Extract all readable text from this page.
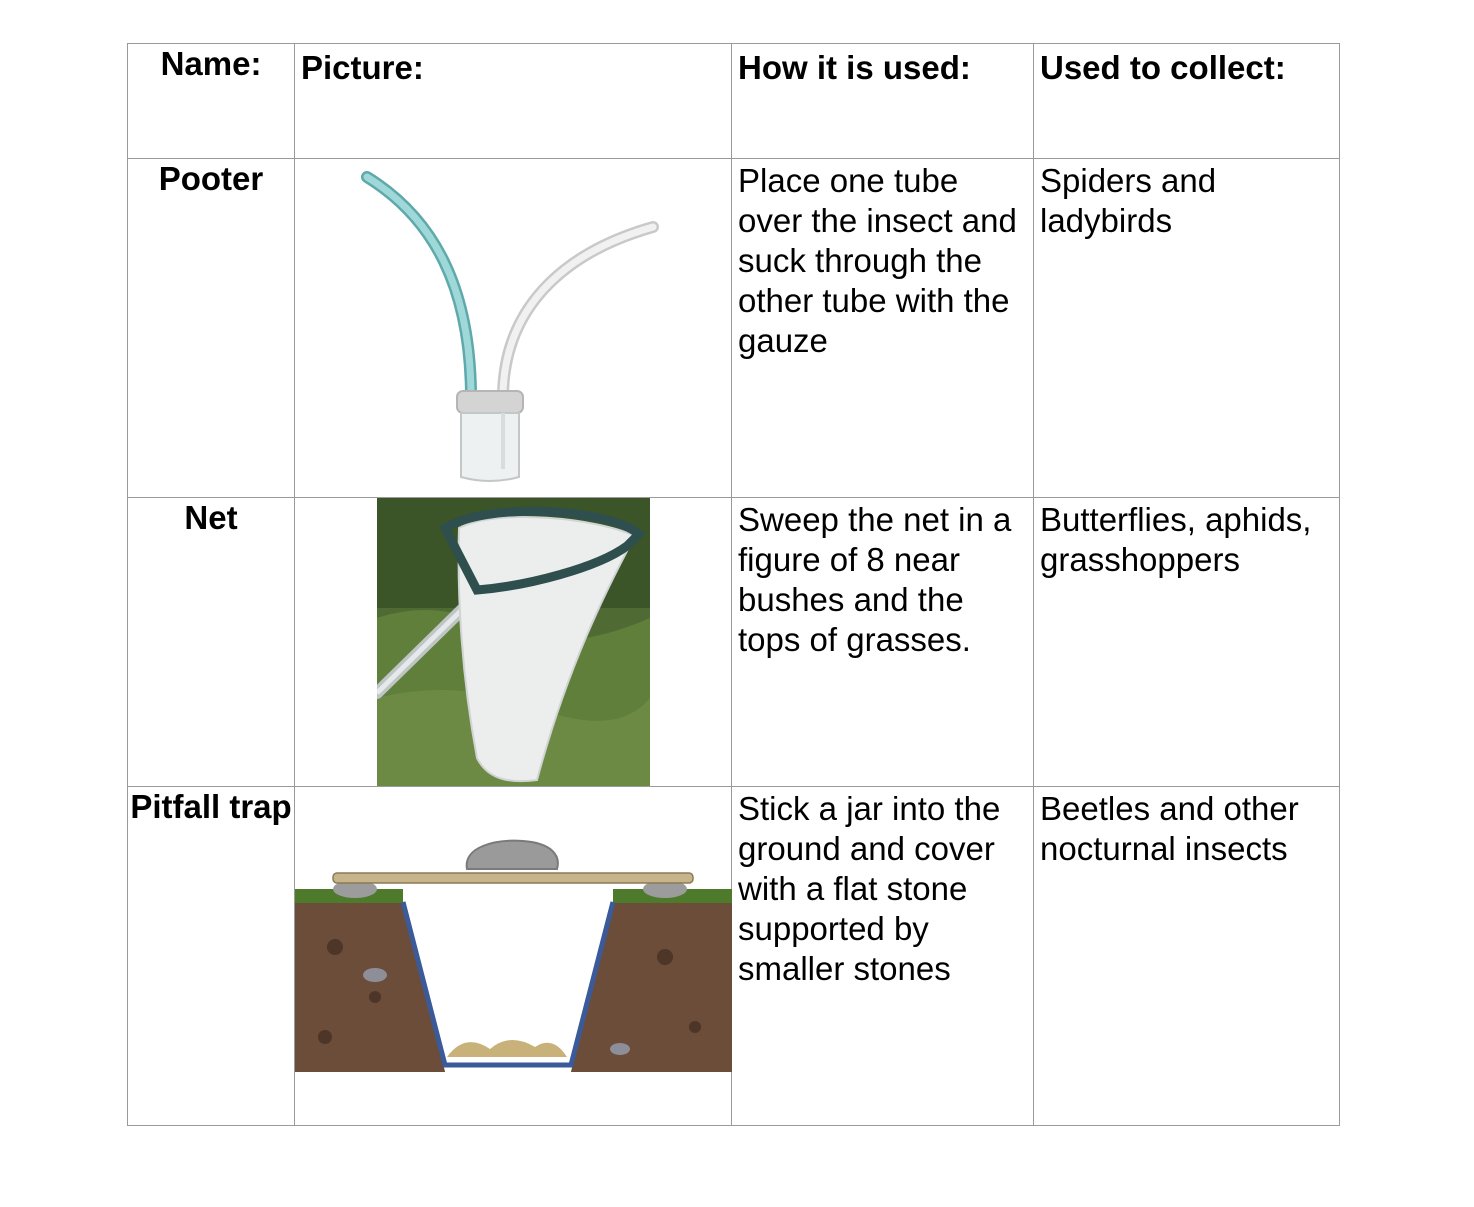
Name:	Picture:	How it is used:	Used to collect:

Pooter		Place one tube over the insect and suck through the other tube with the gauze	Spiders and ladybirds

Net		Sweep the net in a figure of 8 near bushes and the tops of grasses.	Butterflies, aphids, grasshoppers

Pitfall trap		Stick a jar into the ground and cover with a flat stone supported by smaller stones	Beetles and other nocturnal insects
